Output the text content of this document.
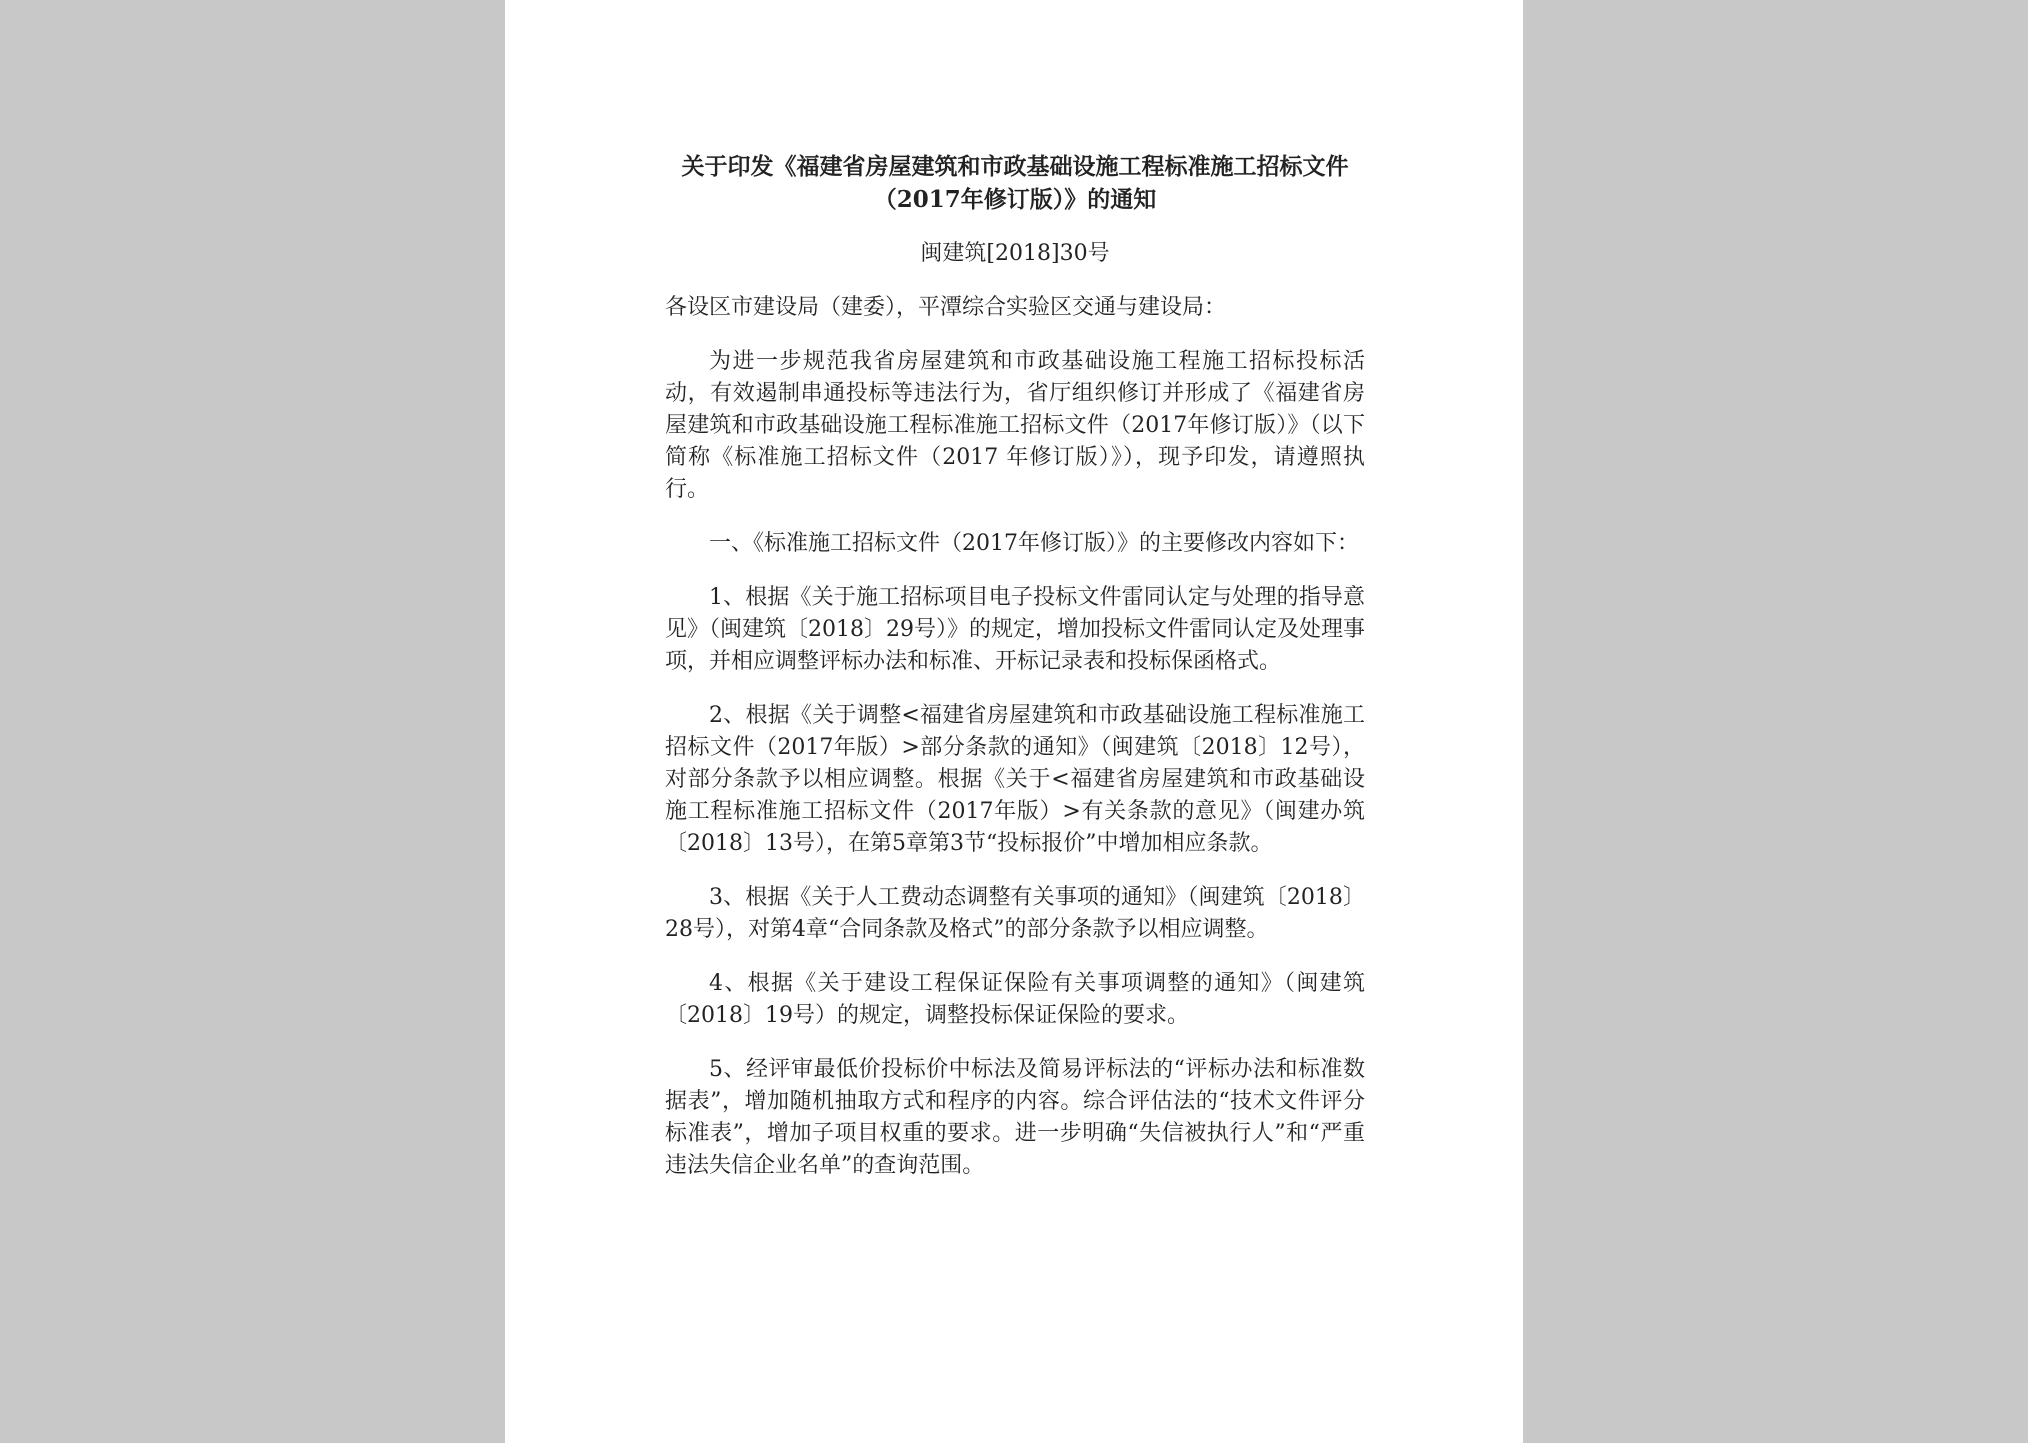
关于印发《福建省房屋建筑和市政基础设施工程标准施工招标文件
（2017年修订版）》的通知

闽建筑[2018]30号

各设区市建设局（建委），平潭综合实验区交通与建设局：

为进一步规范我省房屋建筑和市政基础设施工程施工招标投标活动，有效遏制串通投标等违法行为，省厅组织修订并形成了《福建省房屋建筑和市政基础设施工程标准施工招标文件（2017年修订版）》（以下简称《标准施工招标文件（2017 年修订版）》），现予印发，请遵照执行。

一、《标准施工招标文件（2017年修订版）》的主要修改内容如下：

1、根据《关于施工招标项目电子投标文件雷同认定与处理的指导意见》（闽建筑〔2018〕29号）》的规定，增加投标文件雷同认定及处理事项，并相应调整评标办法和标准、开标记录表和投标保函格式。

2、根据《关于调整<福建省房屋建筑和市政基础设施工程标准施工招标文件（2017年版）>部分条款的通知》（闽建筑〔2018〕12号），对部分条款予以相应调整。根据《关于<福建省房屋建筑和市政基础设施工程标准施工招标文件（2017年版）>有关条款的意见》（闽建办筑〔2018〕13号），在第5章第3节“投标报价”中增加相应条款。

3、根据《关于人工费动态调整有关事项的通知》（闽建筑〔2018〕28号），对第4章“合同条款及格式”的部分条款予以相应调整。

4、根据《关于建设工程保证保险有关事项调整的通知》（闽建筑〔2018〕19号）的规定，调整投标保证保险的要求。

5、经评审最低价投标价中标法及简易评标法的“评标办法和标准数据表”，增加随机抽取方式和程序的内容。综合评估法的“技术文件评分标准表”，增加子项目权重的要求。进一步明确“失信被执行人”和“严重违法失信企业名单”的查询范围。
